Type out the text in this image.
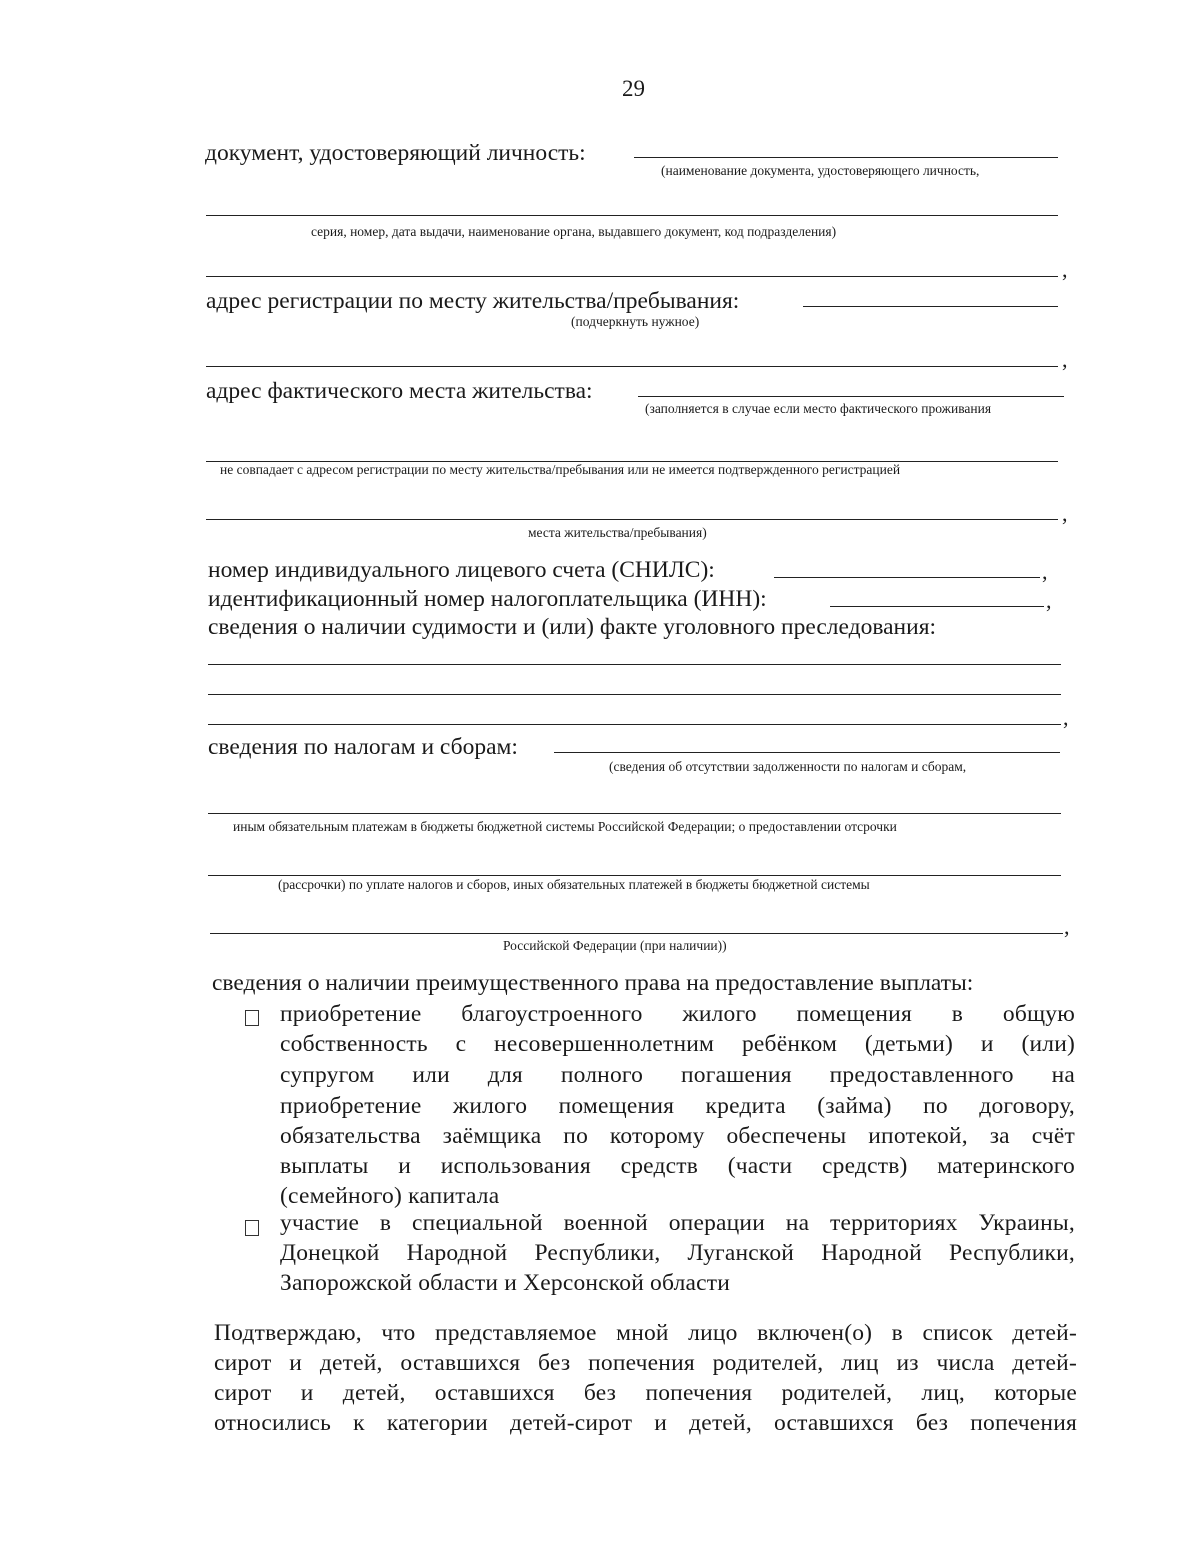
29
документ, удостоверяющий личность:
(наименование документа, удостоверяющего личность,
серия, номер, дата выдачи, наименование органа, выдавшего документ, код подразделения)
,
адрес регистрации по месту жительства/пребывания:
(подчеркнуть нужное)
,
адрес фактического места жительства:
(заполняется в случае если место фактического проживания
не совпадает с адресом регистрации по месту жительства/пребывания или не имеется подтвержденного регистрацией
,
места жительства/пребывания)
номер индивидуального лицевого счета (СНИЛС):	,
идентификационный номер налогоплательщика (ИНН):	,
сведения о наличии судимости и (или) факте уголовного преследования:
,
сведения по налогам и сборам:
(сведения об отсутствии задолженности по налогам и сборам,
иным обязательным платежам в бюджеты бюджетной системы Российской Федерации; о предоставлении отсрочки
(рассрочки) по уплате налогов и сборов, иных обязательных платежей в бюджеты бюджетной системы
,
Российской Федерации (при наличии))
сведения о наличии преимущественного права на предоставление выплаты:
приобретение благоустроенного жилого помещения в общую
собственность с несовершеннолетним ребёнком (детьми) и (или)
супругом или для полного погашения предоставленного на
приобретение жилого помещения кредита (займа) по договору,
обязательства заёмщика по которому обеспечены ипотекой, за счёт
выплаты и использования средств (части средств) материнского
(семейного) капитала
участие в специальной военной операции на территориях Украины,
Донецкой Народной Республики, Луганской Народной Республики,
Запорожской области и Херсонской области
Подтверждаю, что представляемое мной лицо включен(о) в список детей-
сирот и детей, оставшихся без попечения родителей, лиц из числа детей-
сирот и детей, оставшихся без попечения родителей, лиц, которые
относились к категории детей-сирот и детей, оставшихся без попечения
